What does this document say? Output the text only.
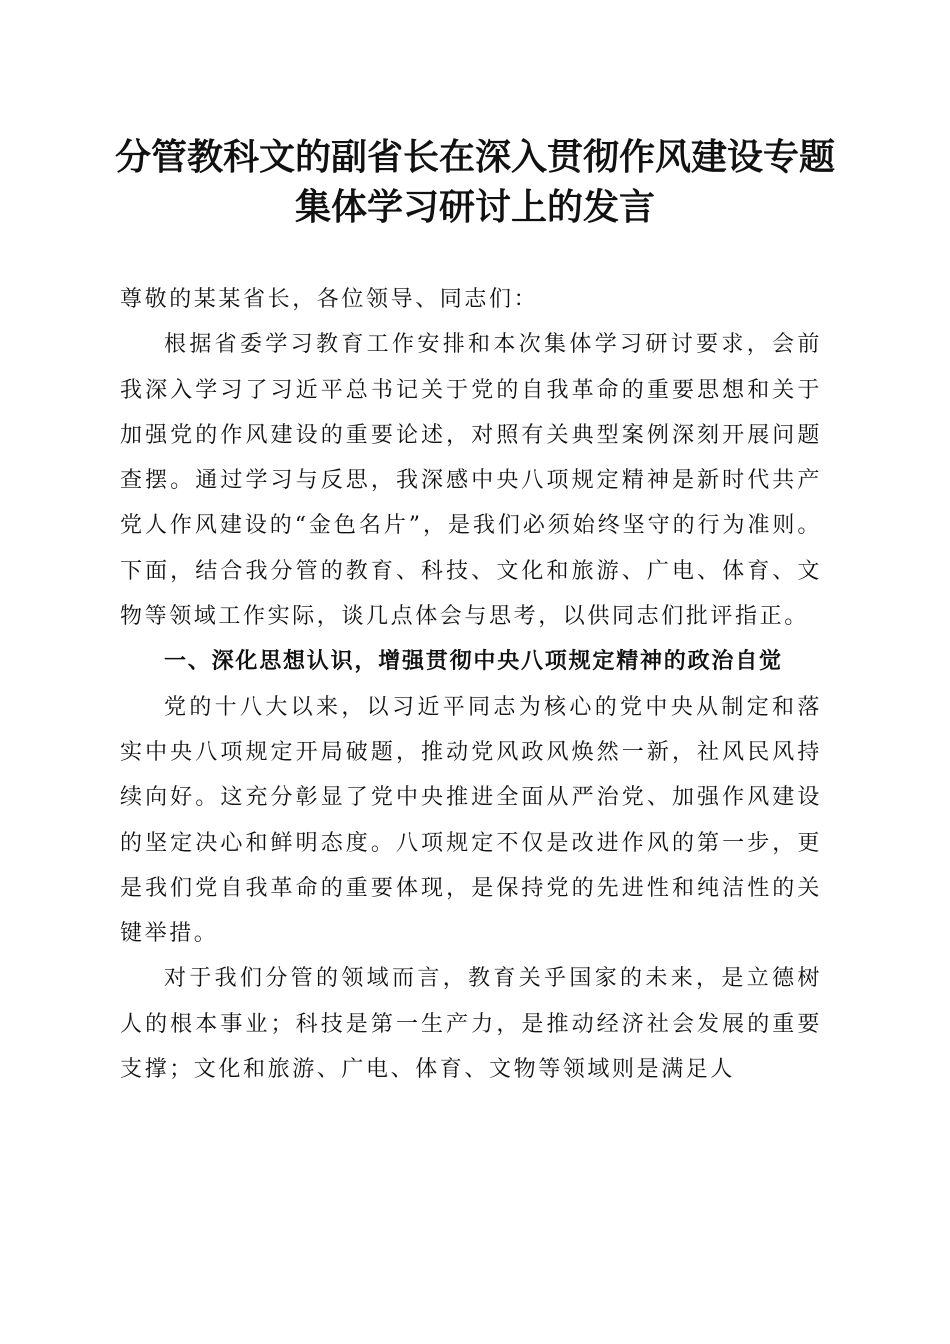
分管教科文的副省长在深入贯彻作风建设专题
集体学习研讨上的发言

尊敬的某某省长，各位领导、同志们：

根据省委学习教育工作安排和本次集体学习研讨要求，会前我深入学习了习近平总书记关于党的自我革命的重要思想和关于加强党的作风建设的重要论述，对照有关典型案例深刻开展问题查摆。通过学习与反思，我深感中央八项规定精神是新时代共产党人作风建设的“金色名片”，是我们必须始终坚守的行为准则。下面，结合我分管的教育、科技、文化和旅游、广电、体育、文物等领域工作实际，谈几点体会与思考，以供同志们批评指正。

一、深化思想认识，增强贯彻中央八项规定精神的政治自觉

党的十八大以来，以习近平同志为核心的党中央从制定和落实中央八项规定开局破题，推动党风政风焕然一新，社风民风持续向好。这充分彰显了党中央推进全面从严治党、加强作风建设的坚定决心和鲜明态度。八项规定不仅是改进作风的第一步，更是我们党自我革命的重要体现，是保持党的先进性和纯洁性的关键举措。

对于我们分管的领域而言，教育关乎国家的未来，是立德树人的根本事业；科技是第一生产力，是推动经济社会发展的重要支撑；文化和旅游、广电、体育、文物等领域则是满足人
